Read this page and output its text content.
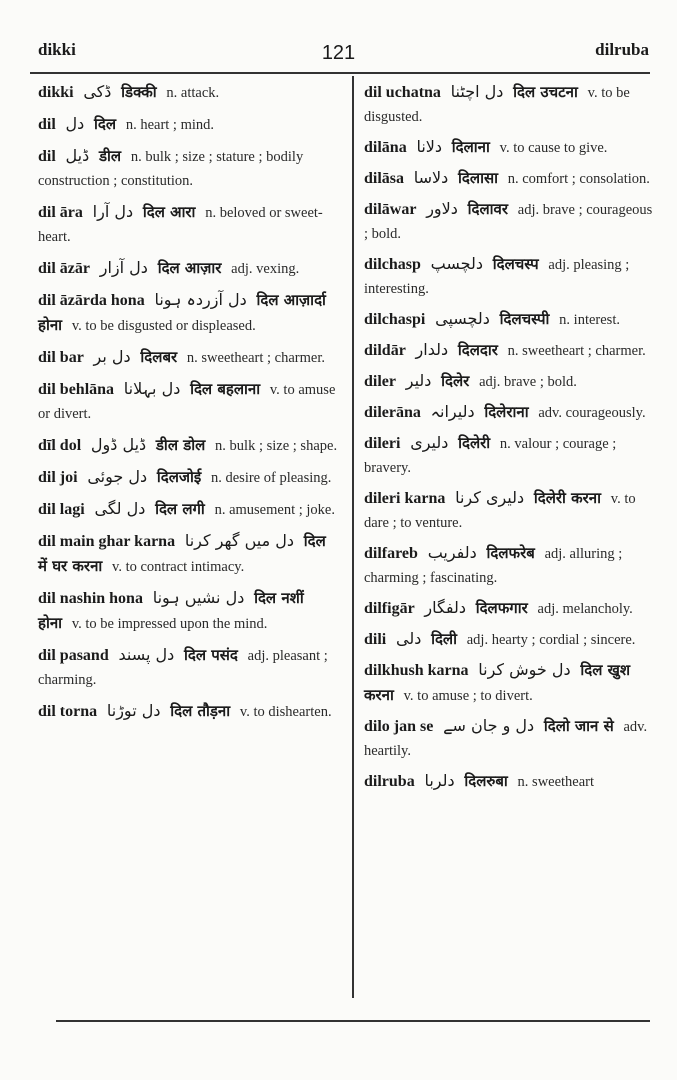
dikki	121	dilruba
dikki ڈکی डिक्की n. attack.
dil دل दिल n. heart ; mind.
dil ڈیل डील n. bulk ; size ; stature ; bodily construction ; constitution.
dil āra دل آرا दिल आरा n. beloved or sweet-heart.
dil āzār دل آزار दिल आज़ार adj. vexing.
dil āzārda hona دل آزردہ ہونا दिल आज़ार्दा होना v. to be disgusted or displeased.
dil bar دل بر दिलबर n. sweetheart ; charmer.
dil behlāna دل بہلانا दिल बहलाना v. to amuse or divert.
dīl dol ڈیل ڈول डील डोल n. bulk ; size ; shape.
dil joi دل جوئی दिलजोई n. desire of pleasing.
dil lagi دل لگی दिल लगी n. amusement ; joke.
dil main ghar karna دل میں گھر کرنا दिल में घर करना v. to contract intimacy.
dil nashin hona دل نشیں ہونا दिल नशीं होना v. to be impressed upon the mind.
dil pasand دل پسند दिल पसंद adj. pleasant ; charming.
dil torna دل توڑنا दिल तौड़ना v. to dishearten.
dil uchatna دل اچٹنا दिल उचटना v. to be disgusted.
dilāna دلانا दिलाना v. to cause to give.
dilāsa دلاسا दिलासा n. comfort ; consolation.
dilāwar دلاور दिलावर adj. brave ; courageous ; bold.
dilchasp دلچسپ दिलचस्प adj. pleasing ; interesting.
dilchaspi دلچسپی दिलचस्पी n. interest.
dildār دلدار दिलदार n. sweetheart ; charmer.
diler دلیر दिलेर adj. brave ; bold.
dilerāna دلیرانہ दिलेराना adv. courageously.
dileri دلیری दिलेरी n. valour ; courage ; bravery.
dileri karna دلیری کرنا दिलेरी करना v. to dare ; to venture.
dilfareb دلفریب दिलफरेब adj. alluring ; charming ; fascinating.
dilfigār دلفگار दिलफगार adj. melancholy.
dili دلی दिली adj. hearty ; cordial ; sincere.
dilkhush karna دل خوش کرنا दिल खुश करना v. to amuse ; to divert.
dilo jan se دل و جان سے दिलो जान से adv. heartily.
dilruba دلربا दिलरुबा n. sweetheart
